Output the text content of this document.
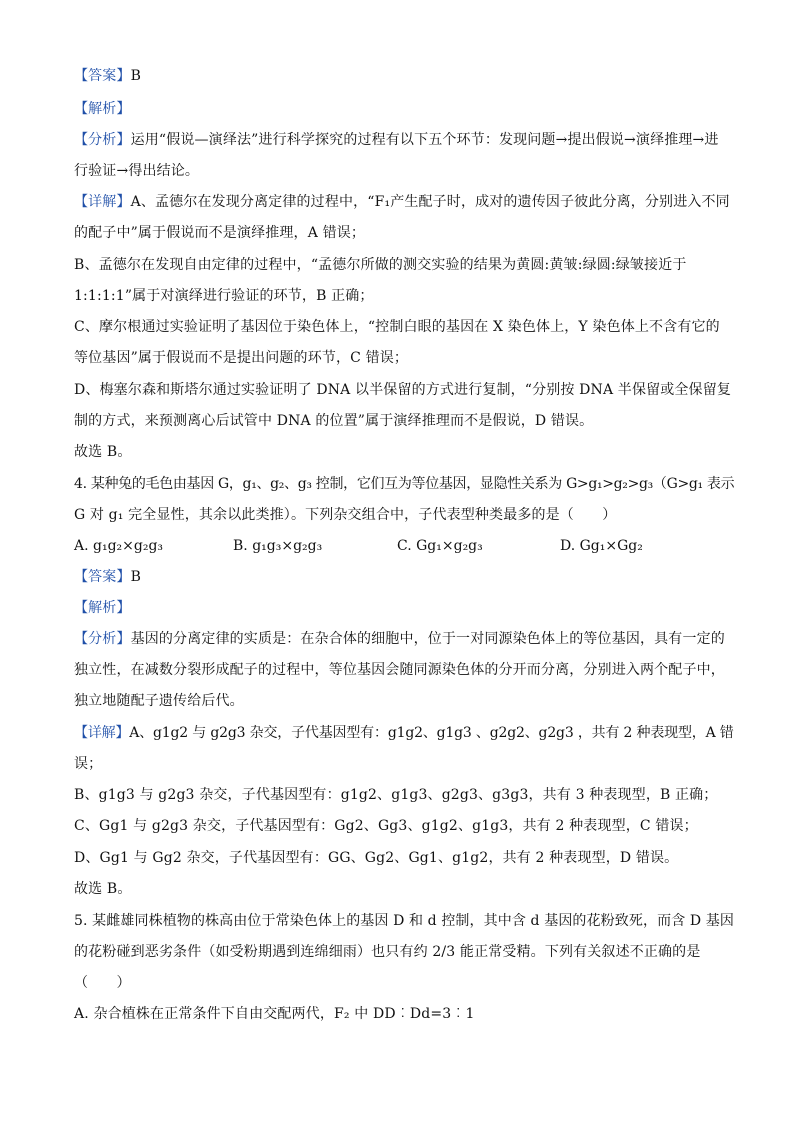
【答案】B
【解析】
【分析】运用“假说—演绎法”进行科学探究的过程有以下五个环节：发现问题→提出假说→演绎推理→进
行验证→得出结论。
【详解】A、孟德尔在发现分离定律的过程中，“F₁产生配子时，成对的遗传因子彼此分离，分别进入不同
的配子中”属于假说而不是演绎推理，A 错误；
B、孟德尔在发现自由定律的过程中，“孟德尔所做的测交实验的结果为黄圆:黄皱:绿圆:绿皱接近于
1:1:1:1”属于对演绎进行验证的环节，B 正确；
C、摩尔根通过实验证明了基因位于染色体上，“控制白眼的基因在 X 染色体上，Y 染色体上不含有它的
等位基因”属于假说而不是提出问题的环节，C 错误；
D、梅塞尔森和斯塔尔通过实验证明了 DNA 以半保留的方式进行复制，“分别按 DNA 半保留或全保留复
制的方式，来预测离心后试管中 DNA 的位置”属于演绎推理而不是假说，D 错误。
故选 B。
4. 某种兔的毛色由基因 G，g₁、g₂、g₃ 控制，它们互为等位基因，显隐性关系为 G>g₁>g₂>g₃（G>g₁ 表示
G 对 g₁ 完全显性，其余以此类推）。下列杂交组合中，子代表型种类最多的是（　　）
A. g₁g₂×g₂g₃	B. g₁g₃×g₂g₃	C. Gg₁×g₂g₃	D. Gg₁×Gg₂
【答案】B
【解析】
【分析】基因的分离定律的实质是：在杂合体的细胞中，位于一对同源染色体上的等位基因，具有一定的
独立性，在减数分裂形成配子的过程中，等位基因会随同源染色体的分开而分离，分别进入两个配子中，
独立地随配子遗传给后代。
【详解】A、g1g2 与 g2g3 杂交，子代基因型有：g1g2、g1g3 、g2g2、g2g3 ，共有 2 种表现型，A 错
误；
B、g1g3 与 g2g3 杂交，子代基因型有：g1g2、g1g3、g2g3、g3g3，共有 3 种表现型，B 正确；
C、Gg1 与 g2g3 杂交，子代基因型有：Gg2、Gg3、g1g2、g1g3，共有 2 种表现型，C 错误；
D、Gg1 与 Gg2 杂交，子代基因型有：GG、Gg2、Gg1、g1g2，共有 2 种表现型，D 错误。
故选 B。
5. 某雌雄同株植物的株高由位于常染色体上的基因 D 和 d 控制，其中含 d 基因的花粉致死，而含 D 基因
的花粉碰到恶劣条件（如受粉期遇到连绵细雨）也只有约 2/3 能正常受精。下列有关叙述不正确的是
（　　）
A. 杂合植株在正常条件下自由交配两代，F₂ 中 DD︰Dd=3︰1
